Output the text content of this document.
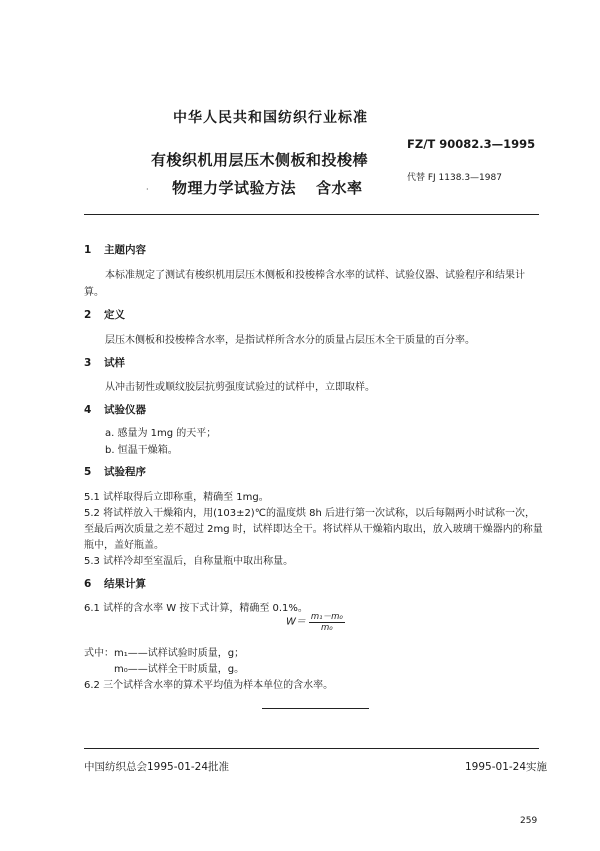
中华人民共和国纺织行业标准
FZ/T 90082.3—1995
有梭织机用层压木侧板和投梭棒
物理力学试验方法 含水率
代替 FJ 1138.3—1987
·
1 主题内容
本标准规定了测试有梭织机用层压木侧板和投梭棒含水率的试样、试验仪器、试验程序和结果计
算。
2 定义
层压木侧板和投梭棒含水率，是指试样所含水分的质量占层压木全干质量的百分率。
3 试样
从冲击韧性或顺纹胶层抗剪强度试验过的试样中，立即取样。
4 试验仪器
a. 感量为 1mg 的天平；
b. 恒温干燥箱。
5 试验程序
5.1 试样取得后立即称重，精确至 1mg。
5.2 将试样放入干燥箱内，用(103±2)℃的温度烘 8h 后进行第一次试称，以后每隔两小时试称一次，
至最后两次质量之差不超过 2mg 时，试样即达全干。将试样从干燥箱内取出，放入玻璃干燥器内的称量
瓶中，盖好瓶盖。
5.3 试样冷却至室温后，自称量瓶中取出称量。
6 结果计算
6.1 试样的含水率 W 按下式计算，精确至 0.1%。
$W= \frac{\text{m₁－m₀}}{\text{m₀}}$
式中：m₁——试样试验时质量，g；
m₀——试样全干时质量，g。
6.2 三个试样含水率的算术平均值为样本单位的含水率。
中国纺织总会1995-01-24批准	1995-01-24实施
259
